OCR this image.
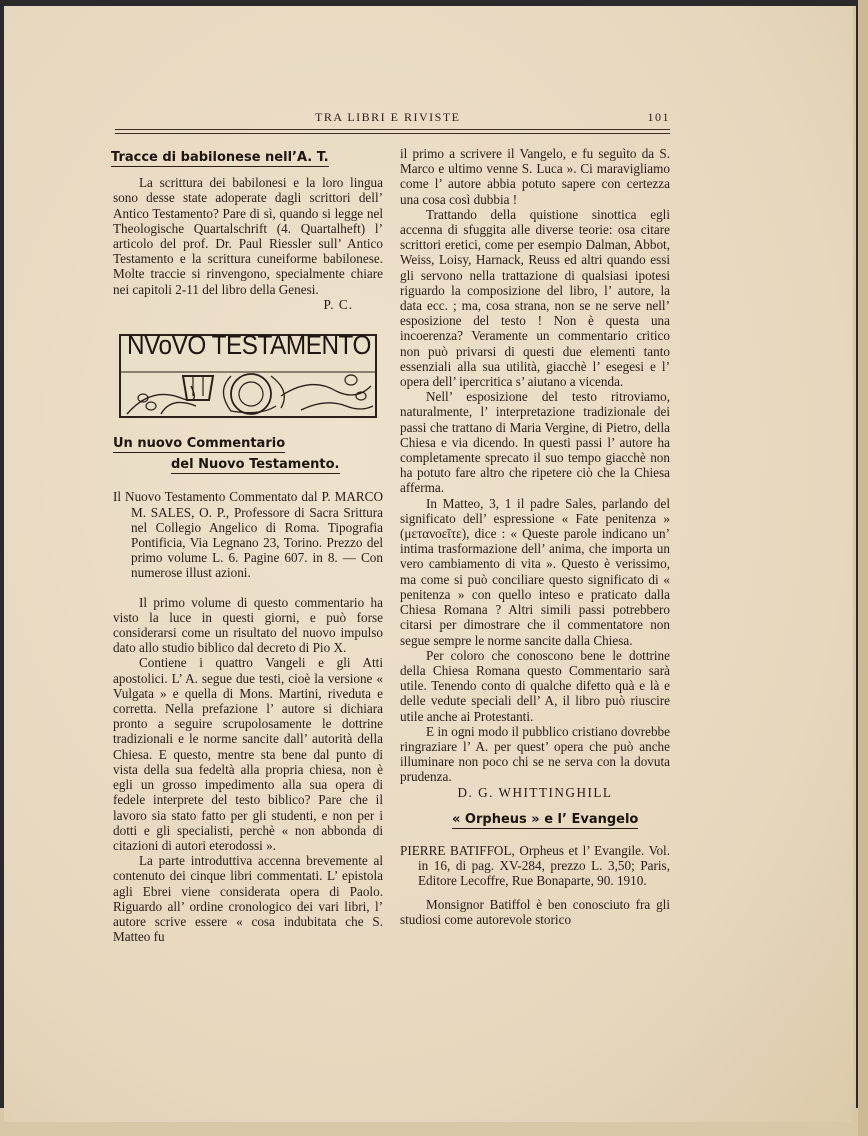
TRA LIBRI E RIVISTE	101
Tracce di babilonese nell’A. T.

La scrittura dei babilonesi e la loro lingua sono desse state adoperate dagli scrittori dell’ Antico Testamento? Pare di sì, quando si legge nel Theologische Quartalschrift (4. Quartalheft) l’ articolo del prof. Dr. Paul Riessler sull’ Antico Testamento e la scrittura cuneiforme babilonese. Molte traccie si rinvengono, specialmente chiare nei capitoli 2-11 del libro della Genesi.

P. C.

NVoVO TESTAMENTO
Un nuovo Commentario
del Nuovo Testamento.

Il Nuovo Testamento Commentato dal P. MARCO M. SALES, O. P., Professore di Sacra Srittura nel Collegio Angelico di Roma. Tipografia Pontificia, Via Legnano 23, Torino. Prezzo del primo volume L. 6. Pagine 607. in 8. — Con numerose illust azioni.

Il primo volume di questo commentario ha visto la luce in questi giorni, e può forse considerarsi come un risultato del nuovo impulso dato allo studio biblico dal decreto di Pio X.

Contiene i quattro Vangeli e gli Atti apostolici. L’ A. segue due testi, cioè la versione « Vulgata » e quella di Mons. Martini, riveduta e corretta. Nella prefazione l’ autore si dichiara pronto a seguire scrupolosamente le dottrine tradizionali e le norme sancite dall’ autorità della Chiesa. E questo, mentre sta bene dal punto di vista della sua fedeltà alla propria chiesa, non è egli un grosso impedimento alla sua opera di fedele interprete del testo biblico? Pare che il lavoro sia stato fatto per gli studenti, e non per i dotti e gli specialisti, perchè « non abbonda di citazioni di autori eterodossi ».

La parte introduttiva accenna brevemente al contenuto dei cinque libri commentati. L’ epistola agli Ebrei viene considerata opera di Paolo. Riguardo all’ ordine cronologico dei vari libri, l’ autore scrive essere « cosa indubitata che S. Matteo fu

il primo a scrivere il Vangelo, e fu seguìto da S. Marco e ultimo venne S. Luca ». Ci maravigliamo come l’ autore abbia potuto sapere con certezza una cosa così dubbia !

Trattando della quistione sinottica egli accenna di sfuggita alle diverse teorie: osa citare scrittori eretici, come per esempio Dalman, Abbot, Weiss, Loisy, Harnack, Reuss ed altri quando essi gli servono nella trattazione di qualsiasi ipotesi riguardo la composizione del libro, l’ autore, la data ecc. ; ma, cosa strana, non se ne serve nell’ esposizione del testo ! Non è questa una incoerenza? Veramente un commentario critico non può privarsi di questi due elementi tanto essenziali alla sua utilità, giacchè l’ esegesi e l’ opera dell’ ipercritica s’ aiutano a vicenda.

Nell’ esposizione del testo ritroviamo, naturalmente, l’ interpretazione tradizionale dei passi che trattano di Maria Vergine, di Pietro, della Chiesa e via dicendo. In questi passi l’ autore ha completamente sprecato il suo tempo giacchè non ha potuto fare altro che ripetere ciò che la Chiesa afferma.

In Matteo, 3, 1 il padre Sales, parlando del significato dell’ espressione « Fate penitenza » (μετανοεῖτε), dice : « Queste parole indicano un’ intima trasformazione dell’ anima, che importa un vero cambiamento di vita ». Questo è verissimo, ma come si può conciliare questo significato di « penitenza » con quello inteso e praticato dalla Chiesa Romana ? Altri simili passi potrebbero citarsi per dimostrare che il commentatore non segue sempre le norme sancite dalla Chiesa.

Per coloro che conoscono bene le dottrine della Chiesa Romana questo Commentario sarà utile. Tenendo conto di qualche difetto quà e là e delle vedute speciali dell’ A, il libro può riuscire utile anche ai Protestanti.

E in ogni modo il pubblico cristiano dovrebbe ringraziare l’ A. per quest’ opera che può anche illuminare non poco chi se ne serva con la dovuta prudenza.

D. G. WHITTINGHILL

« Orpheus » e l’ Evangelo

PIERRE BATIFFOL, Orpheus et l’ Evangile. Vol. in 16, di pag. XV-284, prezzo L. 3,50; Paris, Editore Lecoffre, Rue Bonaparte, 90. 1910.

Monsignor Batiffol è ben conosciuto fra gli studiosi come autorevole storico
